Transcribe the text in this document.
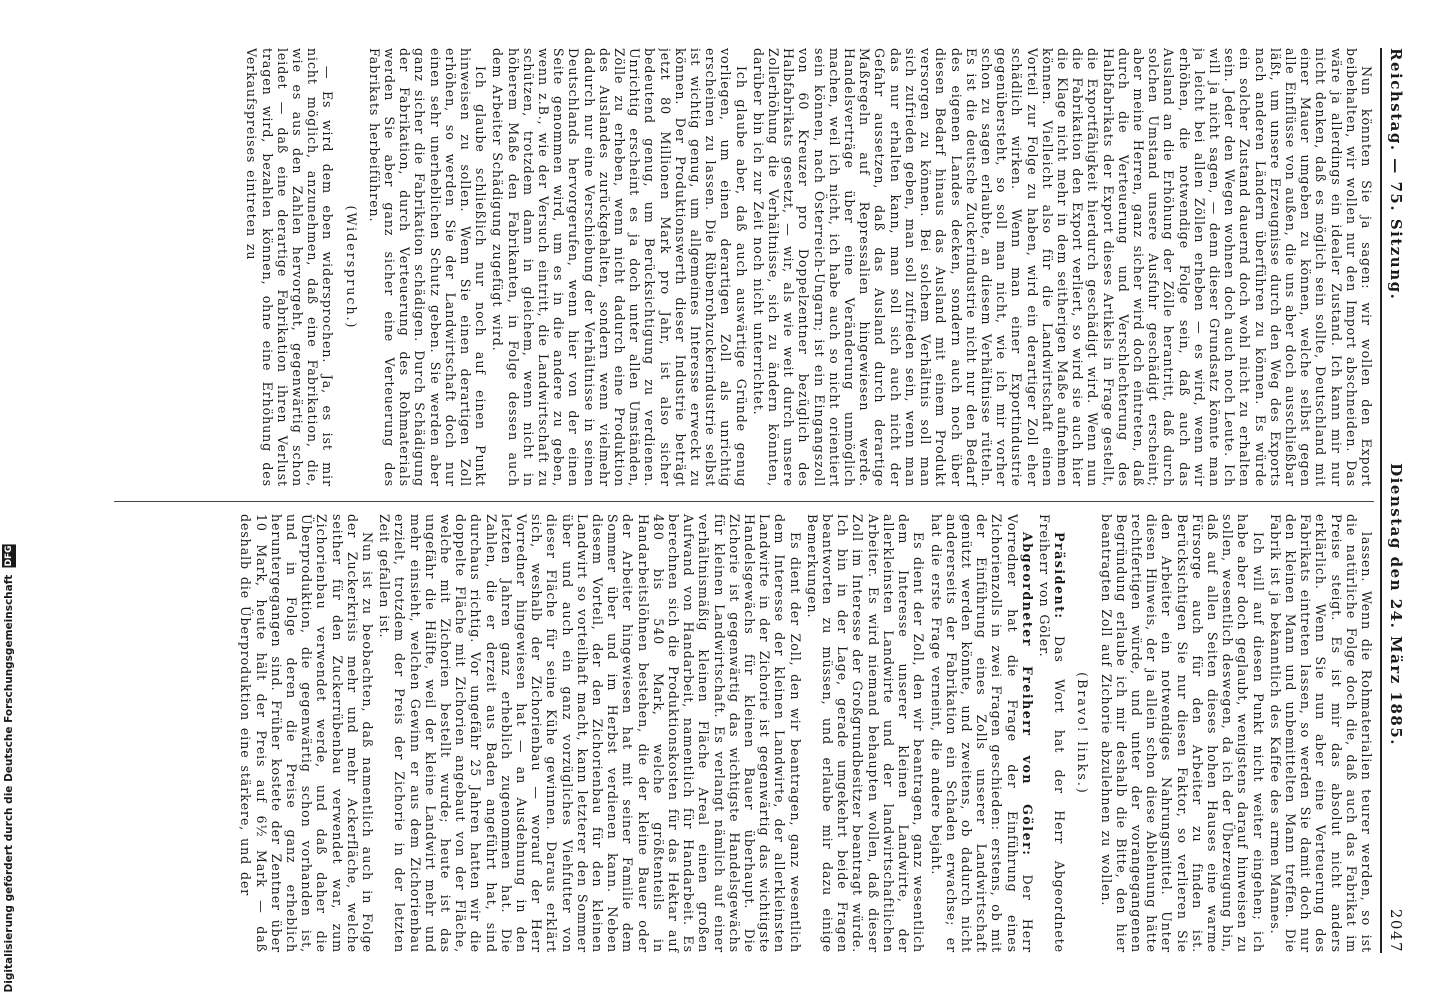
Digitalisierung gefördert durch die Deutsche Forschungsgemeinschaft DFG
Reichstag. — 75. Sitzung.
Dienstag den 24. März 1885.
2047

Nun könnten Sie ja sagen: wir wollen den Export beibehalten, wir wollen nur den Import abschneiden. Das wäre ja allerdings ein idealer Zustand. Ich kann mir nur nicht denken, daß es möglich sein sollte, Deutschland mit einer Mauer umgeben zu können, welche selbst gegen alle Einflüsse von außen, die uns aber doch ausschließbar läßt, um unsere Erzeugnisse durch den Weg des Exports nach anderen Ländern überführen zu können. Es würde ein solcher Zustand dauernd doch wohl nicht zu erhalten sein. Jeder den Wegen wohnen doch auch noch Leute. Ich will ja nicht sagen, — denn dieser Grundsatz könnte man ja leicht bei allen Zöllen erheben — es wird, wenn wir erhöhen, die notwendige Folge sein, daß auch das Ausland an die Erhöhung der Zölle herantritt, daß durch solchen Umstand unsere Ausfuhr geschädigt erscheint; aber meine Herren, ganz sicher wird doch eintreten, daß durch die Verteuerung und Verschlechterung des Halbfabrikats der Export dieses Artikels in Frage gestellt, die Exportfähigkeit hierdurch geschädigt wird. Wenn nun die Fabrikation den Export verliert, so wird sie auch hier die Klage nicht mehr in dem seitherigen Maße aufnehmen können. Vielleicht also für die Landwirtschaft einen Vorteil zur Folge zu haben, wird ein derartiger Zoll eher schädlich wirken. Wenn man einer Exportindustrie gegenübersteht, so soll man nicht, wie ich mir vorher schon zu sagen erlaubte, an diesem Verhältnisse rütteln. Es ist die deutsche Zuckerindustrie nicht nur den Bedarf des eigenen Landes decken, sondern auch noch über diesen Bedarf hinaus das Ausland mit einem Produkt versorgen zu können. Bei solchem Verhältnis soll man sich zufrieden geben, man soll zufrieden sein, wenn man das nur erhalten kann, man soll sich auch nicht der Gefahr aussetzen, daß das Ausland durch derartige Maßregeln auf Repressalien hingewiesen werde. Handelsverträge über eine Veränderung unmöglich machen, weil ich nicht, ich habe auch so nicht orientiert sein können, nach Österreich-Ungarn; ist ein Eingangszoll von 60 Kreuzer pro Doppelzentner bezüglich des Halbfabrikats gesetzt, — wir, als wie weit durch unsere Zollerhöhung die Verhältnisse, sich zu ändern könnten, darüber bin ich zur Zeit noch nicht unterrichtet.

Ich glaube aber, daß auch auswärtige Gründe genug vorliegen, um einen derartigen Zoll als unrichtig erscheinen zu lassen. Die Rübenrohzuckerindustrie selbst ist wichtig genug, um allgemeines Interesse erweckt zu können. Der Produktionswerth dieser Industrie beträgt jetzt 80 Millionen Mark pro Jahr, ist also sicher bedeutend genug, um Berücksichtigung zu verdienen. Unrichtig erscheint es ja doch unter allen Umständen, Zölle zu erheben, wenn nicht dadurch eine Produktion des Auslandes zurückgehalten, sondern wenn vielmehr dadurch nur eine Verschiebung der Verhältnisse in seinen Deutschlands hervorgerufen, wenn hier von der einen Seite genommen wird, um es in die andere zu geben, wenn z.B., wie der Versuch eintritt, die Landwirtschaft zu schützen, trotzdem dann in gleichem, wenn nicht in höherem Maße den Fabrikanten, in Folge dessen auch dem Arbeiter Schädigung zugefügt wird.

Ich glaube schließlich nur noch auf einen Punkt hinweisen zu sollen. Wenn Sie einen derartigen Zoll erhöhen, so werden Sie der Landwirtschaft doch nur einen sehr unerheblichen Schutz geben. Sie werden aber ganz sicher die Fabrikation schädigen. Durch Schädigung der Fabrikation, durch Verteuerung des Rohmaterials werden Sie aber ganz sicher eine Verteuerung des Fabrikats herbeiführen.

(Widerspruch.)

— Es wird dem eben widersprochen. Ja, es ist mir nicht möglich, anzunehmen, daß eine Fabrikation, die, wie es aus den Zahlen hervorgeht, gegenwärtig schon leidet — daß eine derartige Fabrikation ihren Verlust tragen wird, bezahlen können, ohne eine Erhöhung des Verkaufspreises eintreten zu

lassen. Wenn die Rohmaterialien teurer werden, so ist die natürliche Folge doch die, daß auch das Fabrikat im Preise steigt. Es ist mir das absolut nicht anders erklärlich. Wenn Sie nun aber eine Verteuerung des Fabrikats eintreten lassen, so werden Sie damit doch nur den kleinen Mann und unbemittelten Mann treffen. Die Fabrik ist ja bekanntlich des Kaffee des armen Mannes.

Ich will auf diesen Punkt nicht weiter eingehen; ich habe aber doch geglaubt, wenigstens darauf hinweisen zu sollen, wesentlich deswegen, da ich der Überzeugung bin, daß auf allen Seiten dieses hohen Hauses eine warme Fürsorge auch für den Arbeiter zu finden ist. Berücksichtigen Sie nur diesen Faktor, so verlieren Sie den Arbeiter ein notwendiges Nahrungsmittel. Unter diesen Hinweis, der ja allein schon diese Ablehnung hätte rechtfertigen würde, und unter der vorangegangenen Begründung erlaube ich mir deshalb die Bitte, den hier beantragten Zoll auf Zichorie abzulehnen zu wollen.

(Bravo! links.)

Präsident: Das Wort hat der Herr Abgeordnete Freiherr von Göler.

Abgeordneter Freiherr von Göler: Der Herr Vorredner hat die Frage der Einführung eines Zichorienzolls in zwei Fragen geschieden: erstens, ob mit der Einführung eines Zolls unserer Landwirtschaft genützt werden könnte, und zweitens, ob dadurch nicht andererseits der Fabrikation ein Schaden erwachse; er hat die erste Frage verneint, die andere bejaht.

Es dient der Zoll, den wir beantragen, ganz wesentlich dem Interesse unserer kleinen Landwirte, der allerkleinsten Landwirte und der landwirtschaftlichen Arbeiter. Es wird niemand behaupten wollen, daß dieser Zoll im Interesse der Großgrundbesitzer beantragt würde. Ich bin in der Lage, gerade umgekehrt beide Fragen beantworten zu müssen, und erlaube mir dazu einige Bemerkungen.

Es dient der Zoll, den wir beantragen, ganz wesentlich dem Interesse der kleinen Landwirte, der allerkleinsten Landwirte in der Zichorie ist gegenwärtig das wichtigste Handelsgewächs für kleinen Bauer überhaupt. Die Zichorie ist gegenwärtig das wichtigste Handelsgewächs für kleinen Landwirtschaft. Es verlangt nämlich auf einer verhältnismäßig kleinen Fläche Areal einen großen Aufwand von Handarbeit, namentlich für Handarbeit. Es berechnen sich die Produktionskosten für das Hektar auf 480 bis 540 Mark, welche größtenteils in Handarbeitslöhnen bestehen, die der kleine Bauer oder der Arbeiter hingewiesen hat mit seiner Familie dem Sommer über und im Herbst verdienen kann. Neben diesem Vorteil, der den Zichorienbau für den kleinen Landwirt so vorteilhaft macht, kann letzterer den Sommer über und auch ein ganz vorzügliches Viehfutter von dieser Fläche für seine Kühe gewinnen. Daraus erklärt sich, weshalb der Zichorienbau — worauf der Herr Vorredner hingewiesen hat — an Ausdehnung in den letzten Jahren ganz erheblich zugenommen hat. Die Zahlen, die er derzeit aus Baden angeführt hat, sind durchaus richtig. Vor ungefähr 25 Jahren hatten wir die doppelte Fläche mit Zichorien angebaut von der Fläche, welche mit Zichorien bestellt wurde; heute ist das ungefähr die Hälfte, weil der kleine Landwirt mehr und mehr einsieht, welchen Gewinn er aus dem Zichorienbau erzielt, trotzdem der Preis der Zichorie in der letzten Zeit gefallen ist.

Nun ist zu beobachten, daß namentlich auch in Folge der Zuckerkrisis mehr und mehr Ackerfläche, welche seither für den Zuckerrübenbau verwendet war, zum Zichorienbau verwendet werde, und daß daher die Überproduktion, die gegenwärtig schon vorhanden ist, und in Folge deren die Preise ganz erheblich heruntergegangen sind. Früher kostete der Zentner über 10 Mark, heute hält der Preis auf 6½ Mark — daß deshalb die Überproduktion eine stärkere, und der
